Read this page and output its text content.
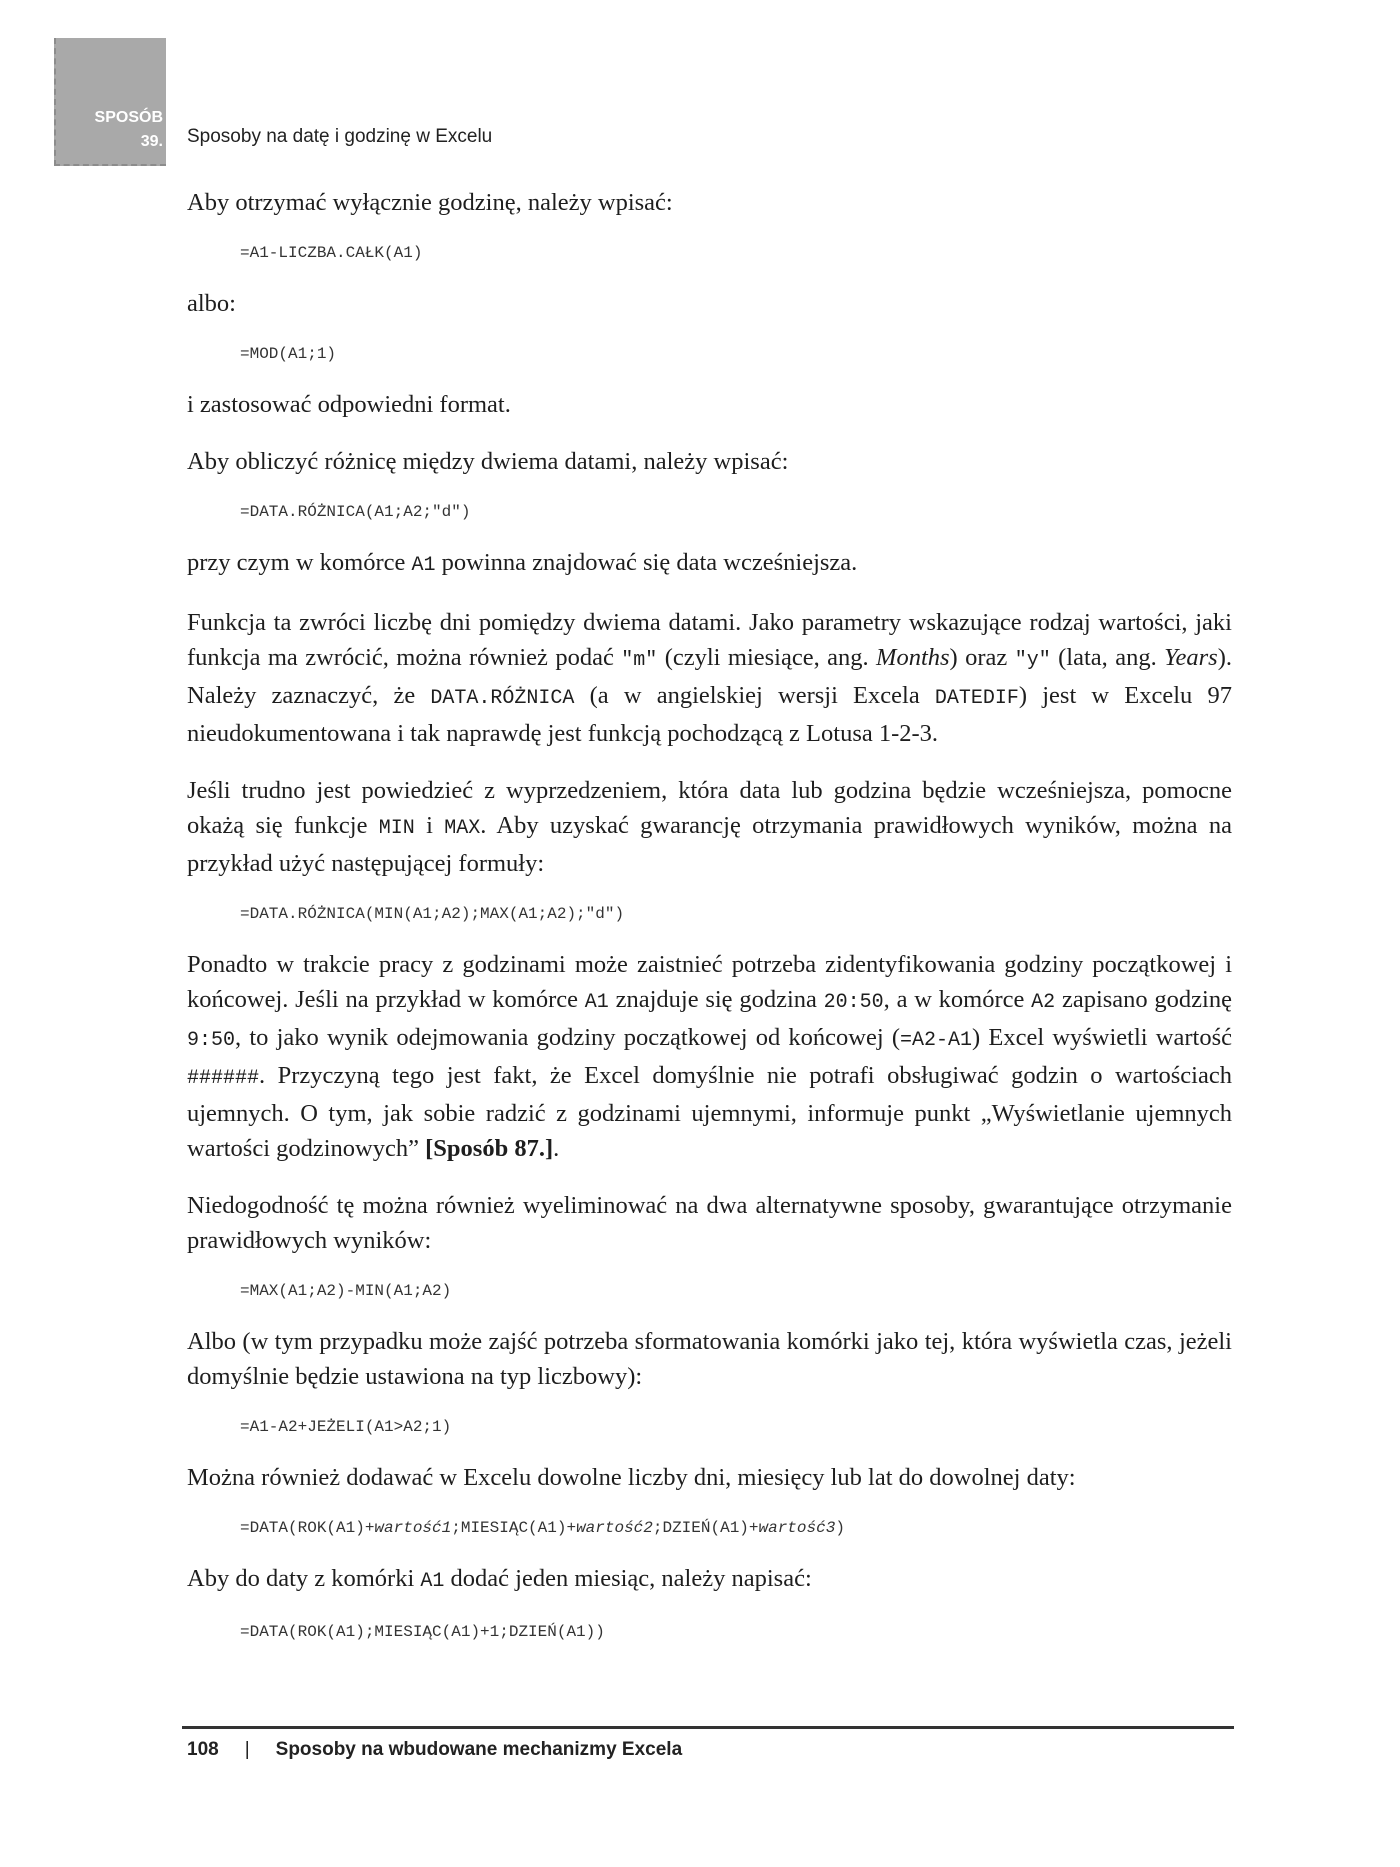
SPOSÓB
39. Sposoby na datę i godzinę w Excelu

Aby otrzymać wyłącznie godzinę, należy wpisać:

=A1-LICZBA.CAŁK(A1)

albo:

=MOD(A1;1)

i zastosować odpowiedni format.

Aby obliczyć różnicę między dwiema datami, należy wpisać:

=DATA.RÓŻNICA(A1;A2;"d")

przy czym w komórce A1 powinna znajdować się data wcześniejsza.

Funkcja ta zwróci liczbę dni pomiędzy dwiema datami. Jako parametry wskazujące rodzaj wartości, jaki funkcja ma zwrócić, można również podać "m" (czyli miesiące, ang. Months) oraz "y" (lata, ang. Years). Należy zaznaczyć, że DATA.RÓŻNICA (a w angielskiej wersji Excela DATEDIF) jest w Excelu 97 nieudokumentowana i tak naprawdę jest funkcją pochodzącą z Lotusa 1-2-3.

Jeśli trudno jest powiedzieć z wyprzedzeniem, która data lub godzina będzie wcześniejsza, pomocne okażą się funkcje MIN i MAX. Aby uzyskać gwarancję otrzymania prawidłowych wyników, można na przykład użyć następującej formuły:

=DATA.RÓŻNICA(MIN(A1;A2);MAX(A1;A2);"d")

Ponadto w trakcie pracy z godzinami może zaistnieć potrzeba zidentyfikowania godziny początkowej i końcowej. Jeśli na przykład w komórce A1 znajduje się godzina 20:50, a w komórce A2 zapisano godzinę 9:50, to jako wynik odejmowania godziny początkowej od końcowej (=A2-A1) Excel wyświetli wartość ######. Przyczyną tego jest fakt, że Excel domyślnie nie potrafi obsługiwać godzin o wartościach ujemnych. O tym, jak sobie radzić z godzinami ujemnymi, informuje punkt „Wyświetlanie ujemnych wartości godzinowych” [Sposób 87.].

Niedogodność tę można również wyeliminować na dwa alternatywne sposoby, gwarantujące otrzymanie prawidłowych wyników:

=MAX(A1;A2)-MIN(A1;A2)

Albo (w tym przypadku może zajść potrzeba sformatowania komórki jako tej, która wyświetla czas, jeżeli domyślnie będzie ustawiona na typ liczbowy):

=A1-A2+JEŻELI(A1>A2;1)

Można również dodawać w Excelu dowolne liczby dni, miesięcy lub lat do dowolnej daty:

=DATA(ROK(A1)+wartość1;MIESIĄC(A1)+wartość2;DZIEŃ(A1)+wartość3)

Aby do daty z komórki A1 dodać jeden miesiąc, należy napisać:

=DATA(ROK(A1);MIESIĄC(A1)+1;DZIEŃ(A1))
108 | Sposoby na wbudowane mechanizmy Excela
